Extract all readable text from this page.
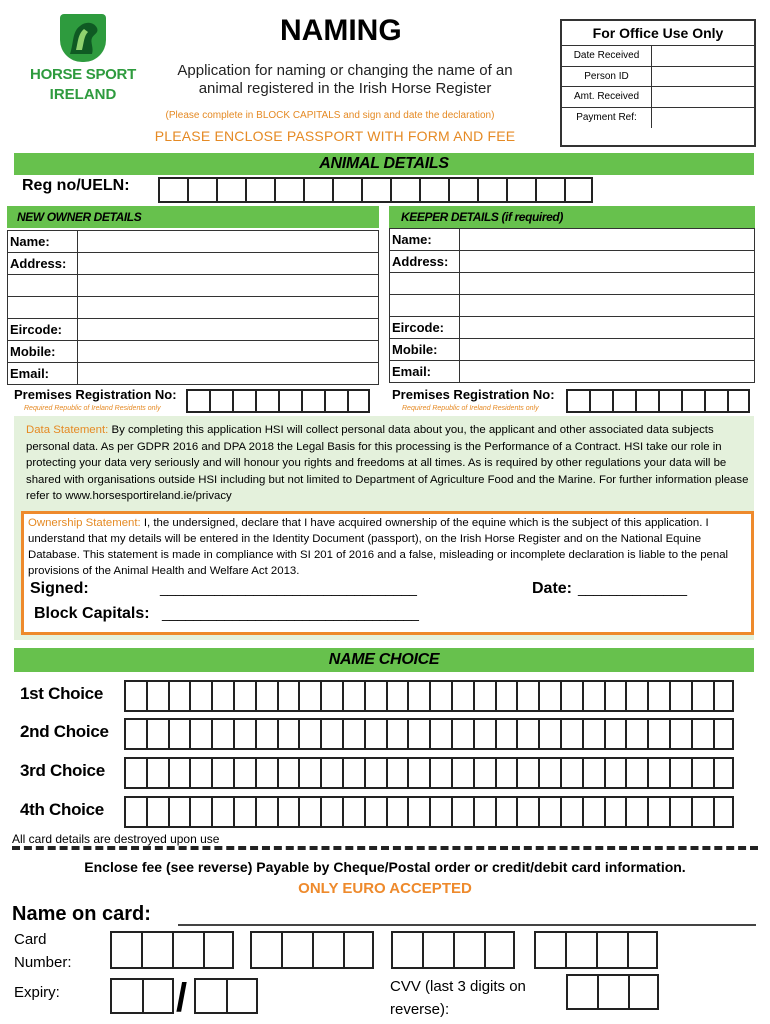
HORSE SPORT
IRELAND
NAMING
Application for naming or changing the name of an
animal registered in the Irish Horse Register
(Please complete in BLOCK CAPITALS and sign and date the declaration)
PLEASE ENCLOSE PASSPORT WITH FORM AND FEE
For Office Use Only
Date Received
Person ID
Amt. Received
Payment Ref:
ANIMAL DETAILS
Reg no/UELN:
NEW OWNER DETAILS
Name:	
Address:	

Eircode:	
Mobile:	
Email:	
Premises Registration No:
Required Republic of Ireland Residents only
KEEPER DETAILS (if required)
Name:	
Address:	

Eircode:	
Mobile:	
Email:	
Premises Registration No:
Required Republic of Ireland Residents only
Data Statement: By completing this application HSI will collect personal data about you, the applicant and other associated data subjects personal data. As per GDPR 2016 and DPA 2018 the Legal Basis for this processing is the Performance of a Contract. HSI take our role in protecting your data very seriously and will honour you rights and freedoms at all times. As is required by other regulations your data will be shared with organisations outside HSI including but not limited to Department of Agriculture Food and the Marine. For further information please refer to www.horsesportireland.ie/privacy
Ownership Statement: I, the undersigned, declare that I have acquired ownership of the equine which is the subject of this application. I understand that my details will be entered in the Identity Document (passport), on the Irish Horse Register and on the National Equine Database. This statement is made in compliance with SI 201 of 2016 and a false, misleading or incomplete declaration is liable to the penal provisions of the Animal Health and Welfare Act 2013.
Signed:	_________________________________	Date: ______________
Block Capitals: _________________________________
NAME CHOICE
1st Choice
2nd Choice
3rd Choice
4th Choice
All card details are destroyed upon use
Enclose fee (see reverse) Payable by Cheque/Postal order or credit/debit card information.
ONLY EURO ACCEPTED
Name on card:
Card
Number:
Expiry:	/	CVV (last 3 digits on
reverse):
